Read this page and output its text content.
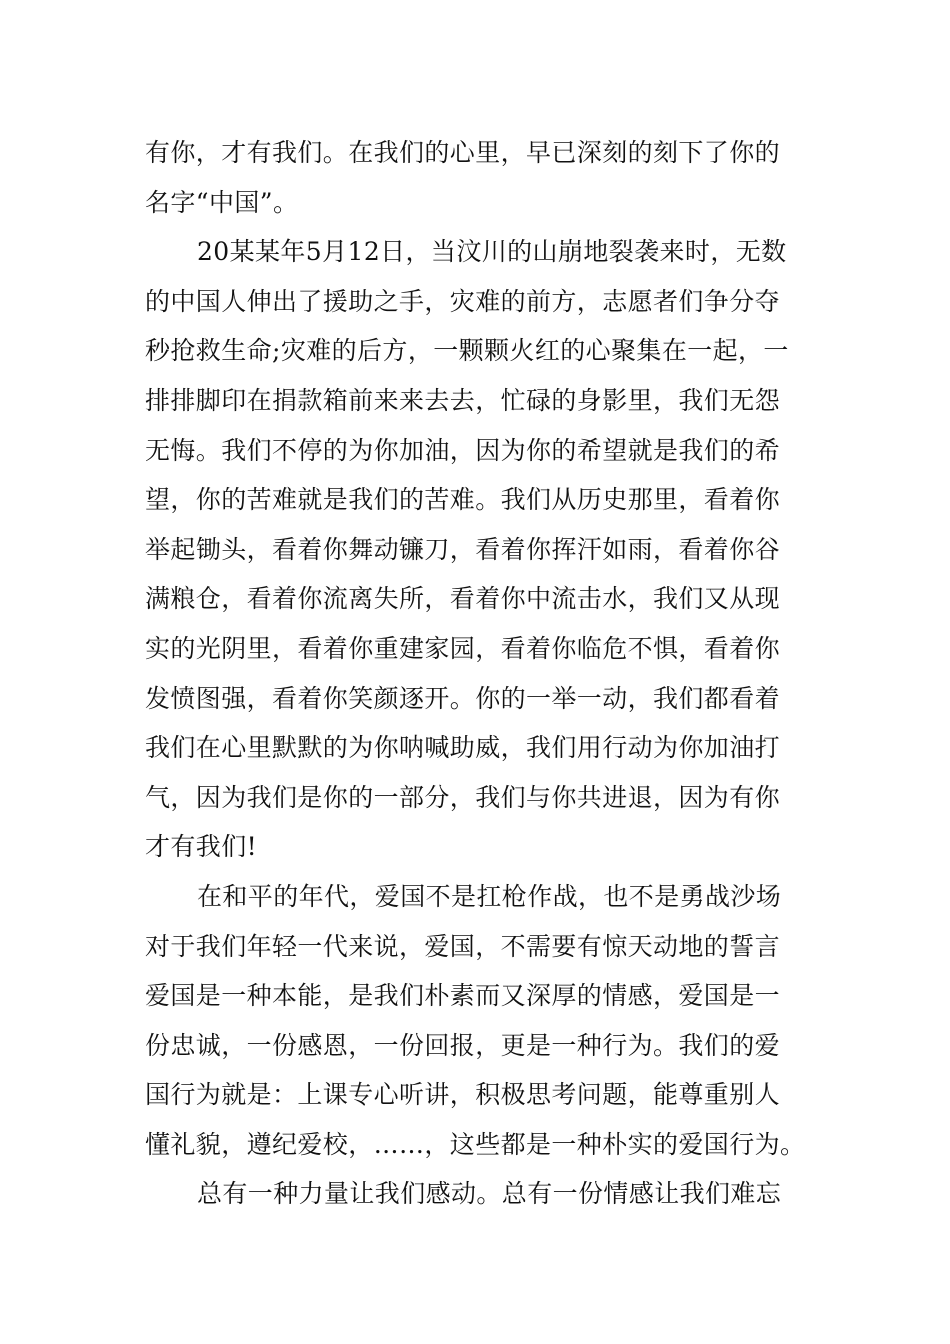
有你，才有我们。在我们的心里，早已深刻的刻下了你的
名字“中国”。

20某某年5月12日，当汶川的山崩地裂袭来时，无数
的中国人伸出了援助之手，灾难的前方，志愿者们争分夺
秒抢救生命;灾难的后方，一颗颗火红的心聚集在一起，一
排排脚印在捐款箱前来来去去，忙碌的身影里，我们无怨
无悔。我们不停的为你加油，因为你的希望就是我们的希
望，你的苦难就是我们的苦难。我们从历史那里，看着你
举起锄头，看着你舞动镰刀，看着你挥汗如雨，看着你谷
满粮仓，看着你流离失所，看着你中流击水，我们又从现
实的光阴里，看着你重建家园，看着你临危不惧，看着你
发愤图强，看着你笑颜逐开。你的一举一动，我们都看着
我们在心里默默的为你呐喊助威，我们用行动为你加油打
气，因为我们是你的一部分，我们与你共进退，因为有你
才有我们!

在和平的年代，爱国不是扛枪作战，也不是勇战沙场
对于我们年轻一代来说，爱国，不需要有惊天动地的誓言
爱国是一种本能，是我们朴素而又深厚的情感，爱国是一
份忠诚，一份感恩，一份回报，更是一种行为。我们的爱
国行为就是：上课专心听讲，积极思考问题，能尊重别人
懂礼貌，遵纪爱校，……，这些都是一种朴实的爱国行为。

总有一种力量让我们感动。总有一份情感让我们难忘
